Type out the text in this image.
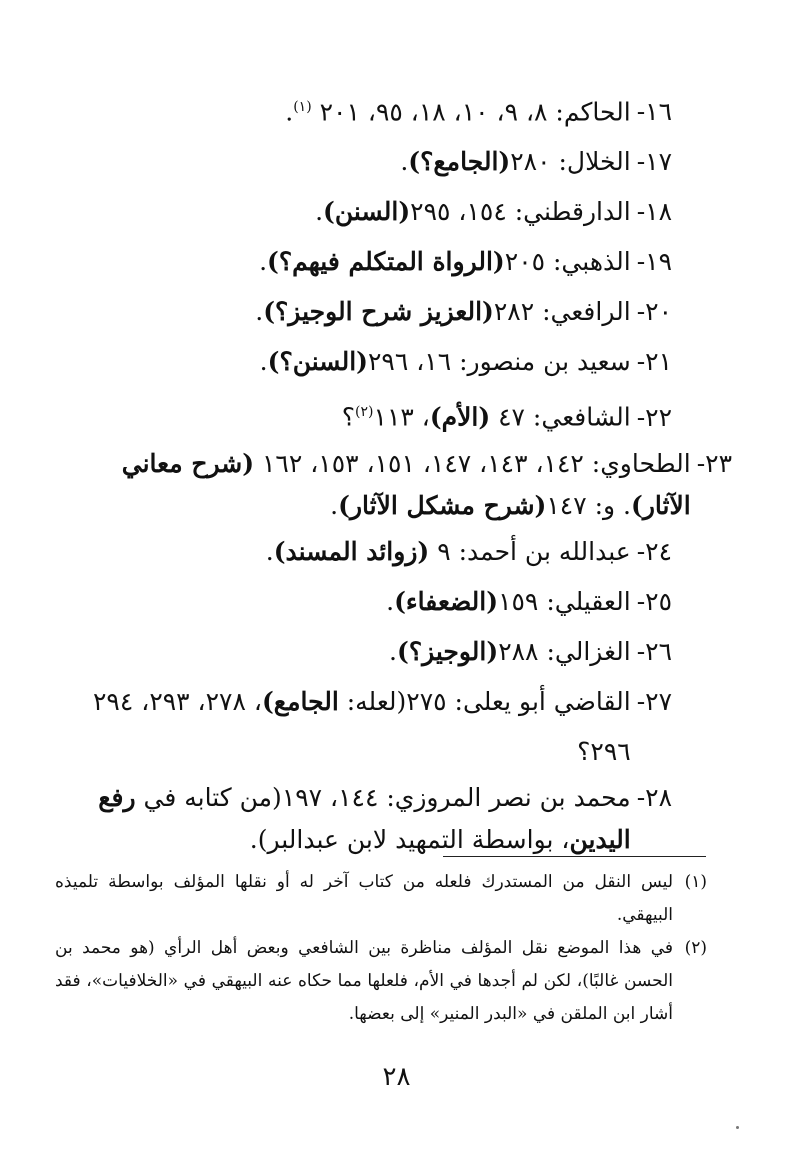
١٦-
الحاكم: ٨، ٩، ١٠، ١٨، ٩٥، ٢٠١ $^{(١)}$.
١٧-
الخلال: ٢٨٠(الجامع؟).
١٨-
الدارقطني: ١٥٤، ٢٩٥(السنن).
١٩-
الذهبي: ٢٠٥(الرواة المتكلم فيهم؟).
٢٠-
الرافعي: ٢٨٢(العزيز شرح الوجيز؟).
٢١-
سعيد بن منصور: ١٦، ٢٩٦(السنن؟).
٢٢-
الشافعي: ٤٧ (الأم)، ١١٣$^{(٢)}$؟
٢٣-
الطحاوي: ١٤٢، ١٤٣، ١٤٧، ١٥١، ١٥٣، ١٦٢ (شرح معاني الآثار). و: ١٤٧(شرح مشكل الآثار).
٢٤-
عبدالله بن أحمد: ٩ (زوائد المسند).
٢٥-
العقيلي: ١٥٩(الضعفاء).
٢٦-
الغزالي: ٢٨٨(الوجيز؟).
٢٧-
القاضي أبو يعلى: ٢٧٥(لعله: الجامع)، ٢٧٨، ٢٩٣، ٢٩٤ ٢٩٦؟
٢٨-
محمد بن نصر المروزي: ١٤٤، ١٩٧(من كتابه في رفع اليدين، بواسطة التمهيد لابن عبدالبر).
(١)
ليس النقل من المستدرك فلعله من كتاب آخر له أو نقلها المؤلف بواسطة تلميذه البيهقي.
(٢)
في هذا الموضع نقل المؤلف مناظرة بين الشافعي وبعض أهل الرأي (هو محمد بن الحسن غالبًا)، لكن لم أجدها في الأم، فلعلها مما حكاه عنه البيهقي في «الخلافيات»، فقد أشار ابن الملقن في «البدر المنير» إلى بعضها.
٢٨
